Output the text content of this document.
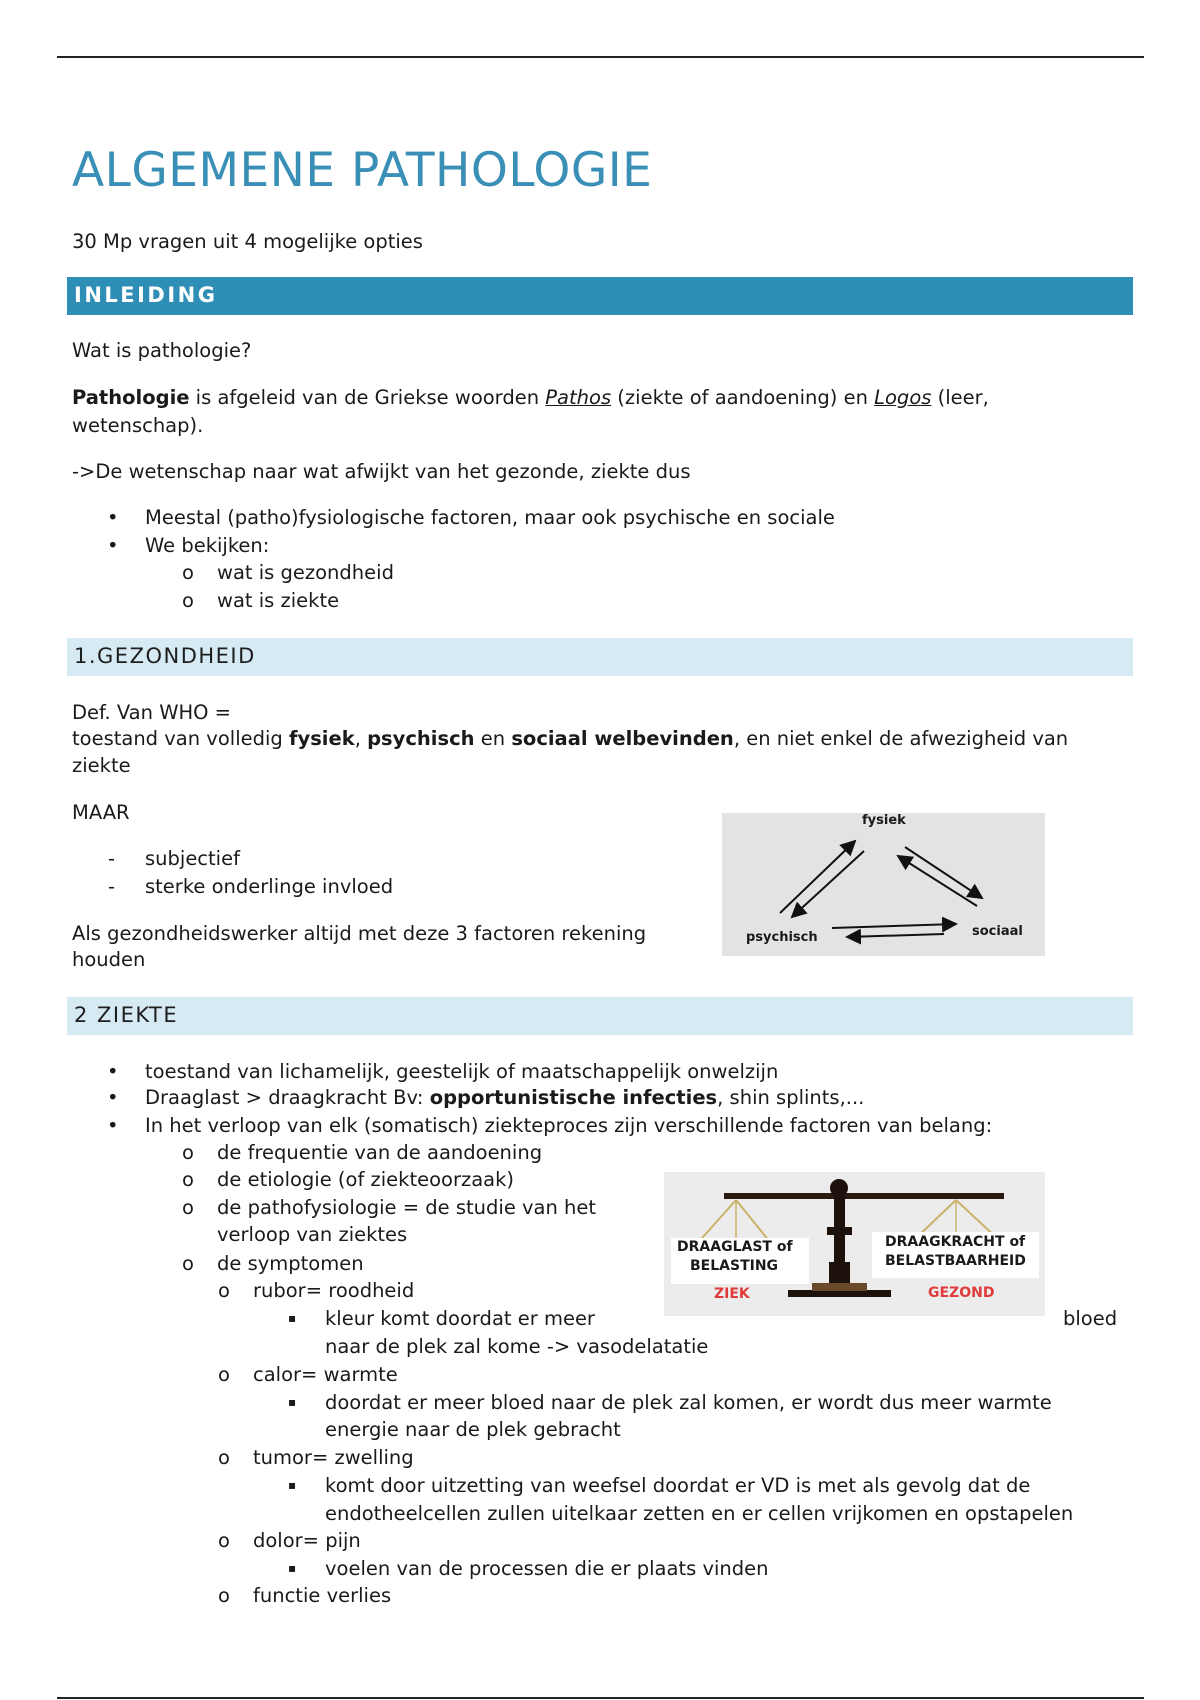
ALGEMENE PATHOLOGIE
30 Mp vragen uit 4 mogelijke opties
INLEIDING
Wat is pathologie?
Pathologie is afgeleid van de Griekse woorden Pathos (ziekte of aandoening) en Logos (leer,
wetenschap).
->De wetenschap naar wat afwijkt van het gezonde, ziekte dus
• Meestal (patho)fysiologische factoren, maar ook psychische en sociale
• We bekijken:
o wat is gezondheid
o wat is ziekte
1.GEZONDHEID
Def. Van WHO =
toestand van volledig fysiek, psychisch en sociaal welbevinden, en niet enkel de afwezigheid van
ziekte
MAAR
- subjectief
- sterke onderlinge invloed
Als gezondheidswerker altijd met deze 3 factoren rekening
houden
fysiek
psychisch	sociaal
2 ZIEKTE
• toestand van lichamelijk, geestelijk of maatschappelijk onwelzijn
• Draaglast > draagkracht Bv: opportunistische infecties, shin splints,...
• In het verloop van elk (somatisch) ziekteproces zijn verschillende factoren van belang:
o de frequentie van de aandoening
o de etiologie (of ziekteoorzaak)
o de pathofysiologie = de studie van het
verloop van ziektes
o de symptomen
o rubor= roodheid
▪ kleur komt doordat er meer	bloed
naar de plek zal kome -> vasodelatatie
o calor= warmte
▪ doordat er meer bloed naar de plek zal komen, er wordt dus meer warmte
energie naar de plek gebracht
o tumor= zwelling
▪ komt door uitzetting van weefsel doordat er VD is met als gevolg dat de
endotheelcellen zullen uitelkaar zetten en er cellen vrijkomen en opstapelen
o dolor= pijn
▪ voelen van de processen die er plaats vinden
o functie verlies
DRAAGLAST of
BELASTING
DRAAGKRACHT of
BELASTBAARHEID
ZIEK	GEZOND
